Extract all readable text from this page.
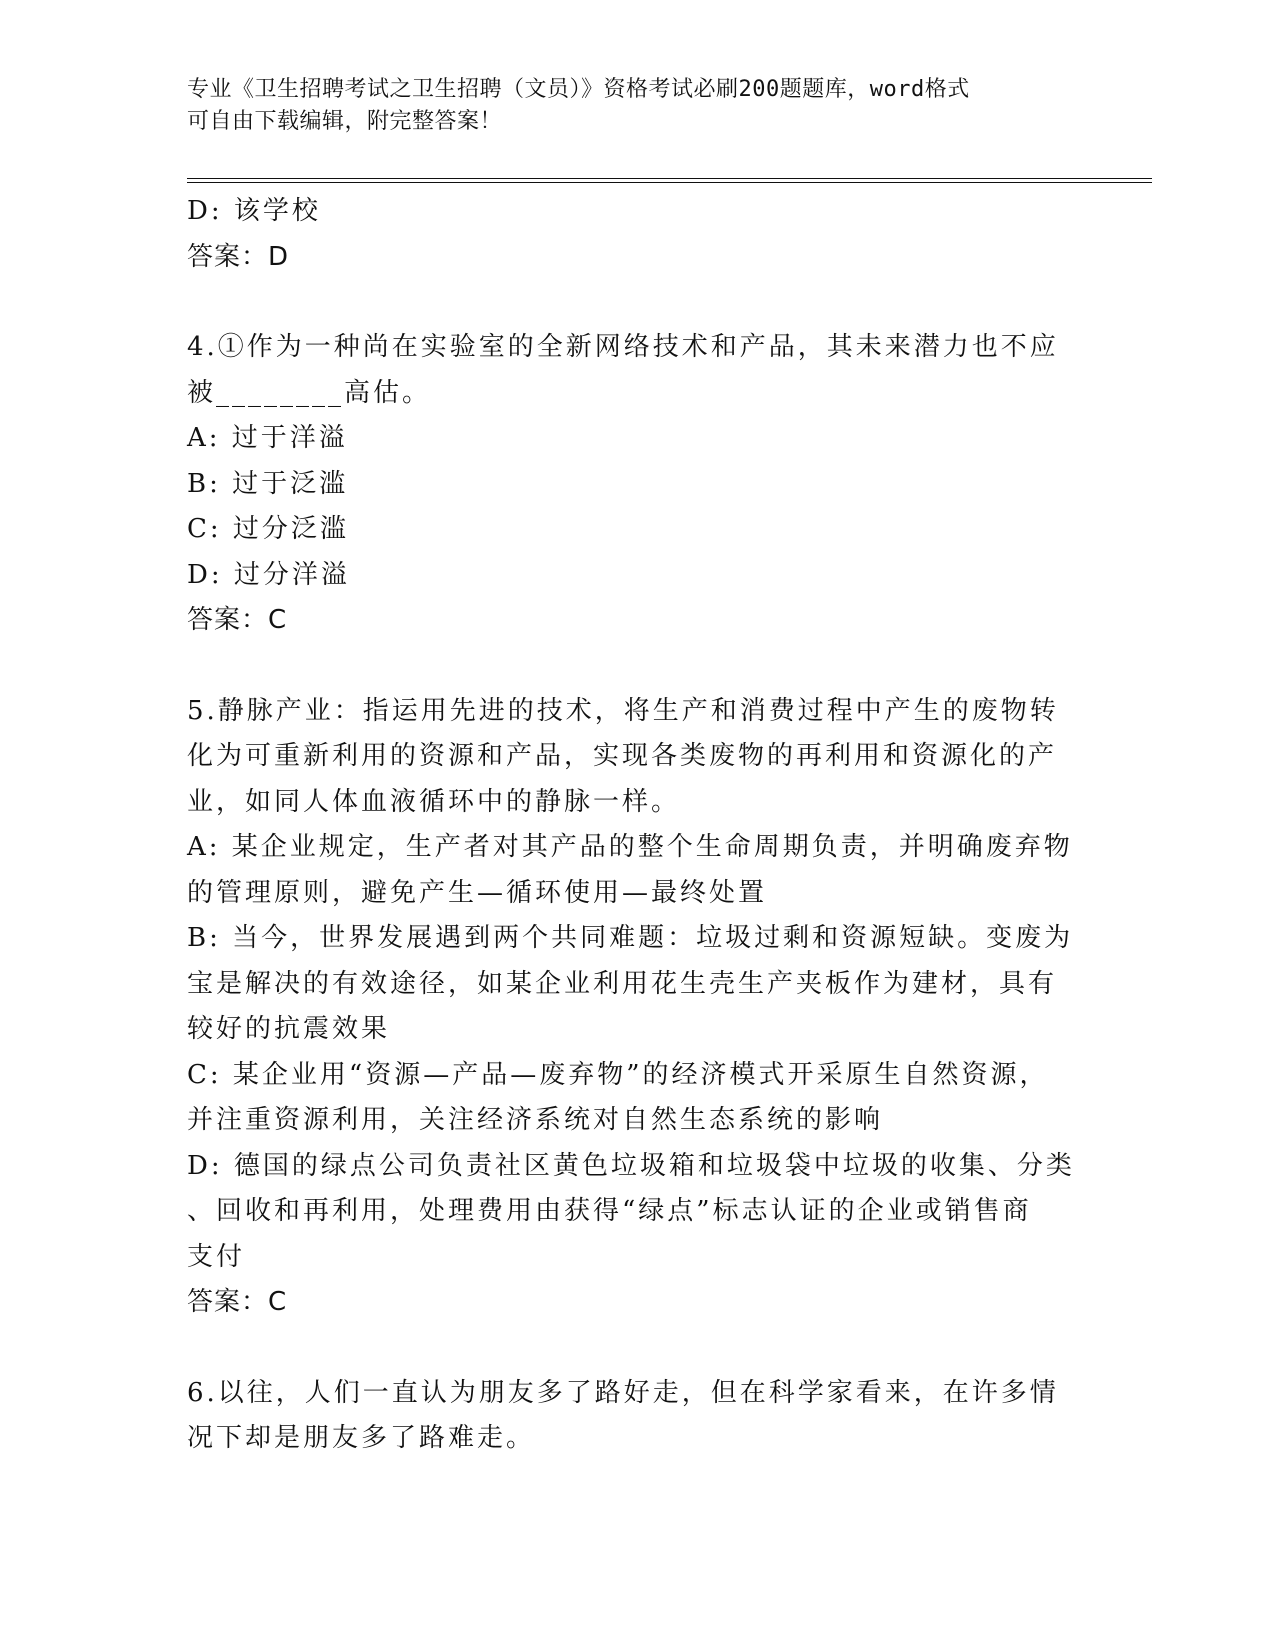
专业《卫生招聘考试之卫生招聘（文员）》资格考试必刷200题题库，word格式
可自由下载编辑，附完整答案！
D: 该学校
答案：D
4.①作为一种尚在实验室的全新网络技术和产品，其未来潜力也不应
被________高估。
A: 过于洋溢
B: 过于泛滥
C: 过分泛滥
D: 过分洋溢
答案：C
5.静脉产业：指运用先进的技术，将生产和消费过程中产生的废物转
化为可重新利用的资源和产品，实现各类废物的再利用和资源化的产
业，如同人体血液循环中的静脉一样。
A: 某企业规定，生产者对其产品的整个生命周期负责，并明确废弃物
的管理原则，避免产生—循环使用—最终处置
B: 当今，世界发展遇到两个共同难题：垃圾过剩和资源短缺。变废为
宝是解决的有效途径，如某企业利用花生壳生产夹板作为建材，具有
较好的抗震效果
C: 某企业用“资源—产品—废弃物”的经济模式开采原生自然资源，
并注重资源利用，关注经济系统对自然生态系统的影响
D: 德国的绿点公司负责社区黄色垃圾箱和垃圾袋中垃圾的收集、分类
、回收和再利用，处理费用由获得“绿点”标志认证的企业或销售商
支付
答案：C
6.以往，人们一直认为朋友多了路好走，但在科学家看来，在许多情
况下却是朋友多了路难走。
